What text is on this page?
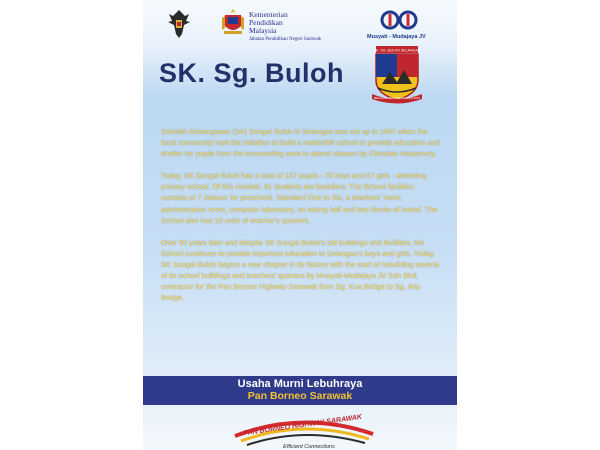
Kementerian
Pendidikan
Malaysia
Jabatan Pendidikan Negeri Sarawak	Musyati - Mudajaya JV
SK. Sg. Buloh
SK. SG. BULOH SELANGAU
BELAJAR DEMI KEMAJUAN DIRI

Sekolah Kebangsaan (SK) Sungai Buloh in Selangau was set up in 1957 when the local community took the initiative to build a makeshift school to provide education and shelter for pupils from the surrounding area to attend classes by Christian missionary.

Today, SK Sungai Buloh has a total of 137 pupils - 70 boys and 67 girls - attending primary school. Of this number, 91 students are boarders. The School facilities consists of 7 classes for preschool, Standard One to Six, a teachers' room, administration room, computer laboratory, an eating hall and two blocks of hostel. The School also has 10 units of teacher's quarters.

Over 60 years later and despite SK Sungai Buloh's old buildings and facilities, the School continues to provide important education to Selangau's boys and girls. Today, SK Sungai Buloh begins a new chapter in its history with the start of rebuilding several of its school buildings and teachers' quarters by Musyati-Mudajaya JV Sdn Bhd, contractor for the Pan Borneo Highway Sarawak from Sg. Kua Bridge to Sg. Arip Bridge.

Usaha Murni Lebuhraya
Pan Borneo Sarawak
PAN BORNEO HIGHWAY SARAWAK
Efficient Connections
